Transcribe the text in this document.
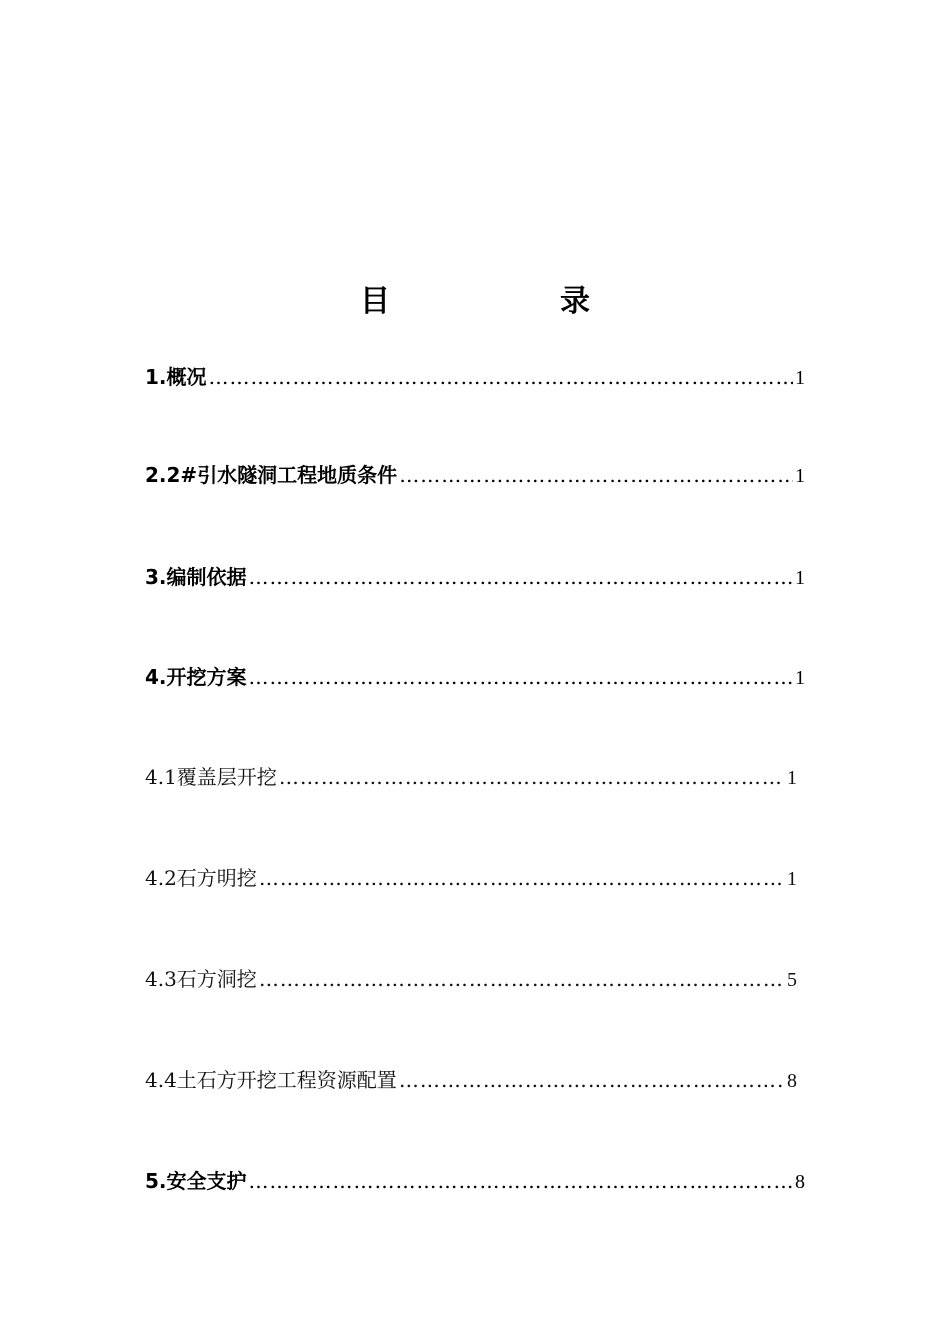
目　录
1.概况 ……………………………………………………………………………………………………………………………………………………………………	1
2.2#引水隧洞工程地质条件 ……………………………………………………………………………………………………………………………………………………………………	1
3.编制依据 ……………………………………………………………………………………………………………………………………………………………………	1
4.开挖方案 ……………………………………………………………………………………………………………………………………………………………………	1
4.1覆盖层开挖 ……………………………………………………………………………………………………………………………………………………………………	1
4.2石方明挖 ……………………………………………………………………………………………………………………………………………………………………	1
4.3石方洞挖 ……………………………………………………………………………………………………………………………………………………………………	5
4.4土石方开挖工程资源配置 ……………………………………………………………………………………………………………………………………………………………………	8
5.安全支护 ……………………………………………………………………………………………………………………………………………………………………	8
